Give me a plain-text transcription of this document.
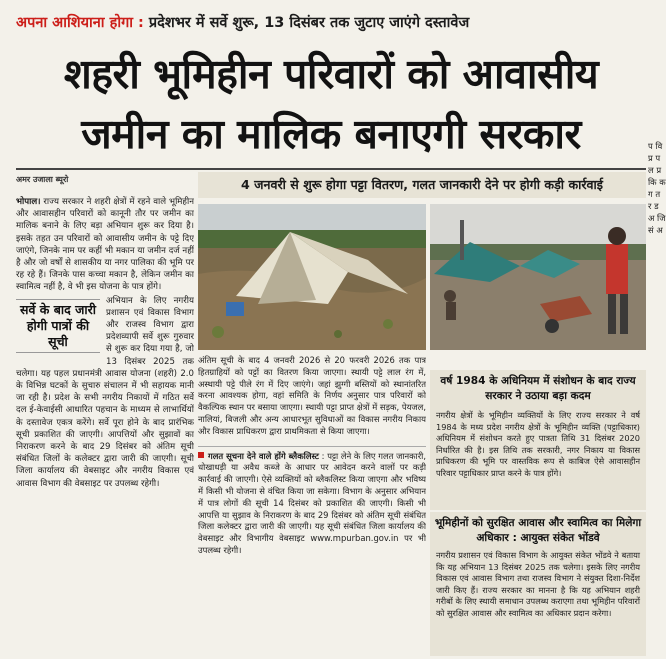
अपना आशियाना होगा : प्रदेशभर में सर्वे शुरू, 13 दिसंबर तक जुटाए जाएंगे दस्तावेज
शहरी भूमिहीन परिवारों को आवासीय
जमीन का मालिक बनाएगी सरकार
अमर उजाला ब्यूरो	4 जनवरी से शुरू होगा पट्टा वितरण, गलत जानकारी देने पर होगी कड़ी कार्रवाई

भोपाल। राज्य सरकार ने शहरी क्षेत्रों में रहने वाले भूमिहीन और आवासहीन परिवारों को कानूनी तौर पर जमीन का मालिक बनाने के लिए बड़ा अभियान शुरू कर दिया है। इसके तहत उन परिवारों को आवासीय जमीन के पट्टे दिए जाएंगे, जिनके नाम पर कहीं भी मकान या जमीन दर्ज नहीं है और जो वर्षों से शासकीय या नगर पालिका की भूमि पर रह रहे हैं। जिनके पास कच्चा मकान है, लेकिन जमीन का स्वामित्व नहीं है, वे भी इस योजना के पात्र होंगे।

सर्वे के बाद जारी होगी पात्रों की सूची

अभियान के लिए नगरीय प्रशासन एवं विकास विभाग और राजस्व विभाग द्वारा प्रदेशव्यापी सर्वे शुरू गुरुवार से शुरू कर दिया गया है, जो 13 दिसंबर 2025 तक चलेगा। यह पहल प्रधानमंत्री आवास योजना (शहरी) 2.0 के विभिन्न घटकों के सुचारु संचालन में भी सहायक मानी जा रही है। प्रदेश के सभी नगरीय निकायों में गठित सर्वे दल ई-केवाईसी आधारित पहचान के माध्यम से लाभार्थियों के दस्तावेज एकत्र करेंगे। सर्वे पूरा होने के बाद प्रारंभिक सूची प्रकाशित की जाएगी। आपत्तियों और सुझावों का निराकरण करने के बाद 29 दिसंबर को अंतिम सूची संबंधित जिलों के कलेक्टर द्वारा जारी की जाएगी। सूची जिला कार्यालय की वेबसाइट और नगरीय विकास एवं आवास विभाग की वेबसाइट पर उपलब्ध रहेगी।

अंतिम सूची के बाद 4 जनवरी 2026 से 20 फरवरी 2026 तक पात्र हितग्राहियों को पट्टों का वितरण किया जाएगा। स्थायी पट्टे लाल रंग में, अस्थायी पट्टे पीले रंग में दिए जाएंगे। जहां झुग्गी बस्तियों को स्थानांतरित करना आवश्यक होगा, वहां समिति के निर्णय अनुसार पात्र परिवारों को वैकल्पिक स्थान पर बसाया जाएगा। स्थायी पट्टा प्राप्त क्षेत्रों में सड़क, पेयजल, नालियां, बिजली और अन्य आधारभूत सुविधाओं का विकास नगरीय निकाय और विकास प्राधिकरण द्वारा प्राथमिकता से किया जाएगा।

गलत सूचना देने वाले होंगे ब्लैकलिस्ट : पट्टा लेने के लिए गलत जानकारी, धोखाधड़ी या अवैध कब्जे के आधार पर आवेदन करने वालों पर कड़ी कार्रवाई की जाएगी। ऐसे व्यक्तियों को ब्लैकलिस्ट किया जाएगा और भविष्य में किसी भी योजना से वंचित किया जा सकेगा। विभाग के अनुसार अभियान में पात्र लोगों की सूची 14 दिसंबर को प्रकाशित की जाएगी। किसी भी आपत्ति या सुझाव के निराकरण के बाद 29 दिसंबर को अंतिम सूची संबंधित जिला कलेक्टर द्वारा जारी की जाएगी। यह सूची संबंधित जिला कार्यालय की वेबसाइट और विभागीय वेबसाइट www.mpurban.gov.in पर भी उपलब्ध रहेगी।

वर्ष 1984 के अधिनियम में संशोधन के बाद राज्य सरकार ने उठाया बड़ा कदम

नगरीय क्षेत्रों के भूमिहीन व्यक्तियों के लिए राज्य सरकार ने वर्ष 1984 के मध्य प्रदेश नगरीय क्षेत्रों के भूमिहीन व्यक्ति (पट्टाधिकार) अधिनियम में संशोधन करते हुए पात्रता तिथि 31 दिसंबर 2020 निर्धारित की है। इस तिथि तक सरकारी, नगर निकाय या विकास प्राधिकरण की भूमि पर वास्तविक रूप से काबिज ऐसे आवासहीन परिवार पट्टाधिकार प्राप्त करने के पात्र होंगे।

भूमिहीनों को सुरक्षित आवास और स्वामित्व का मिलेगा अधिकार : आयुक्त संकेत भोंडवे

नगरीय प्रशासन एवं विकास विभाग के आयुक्त संकेत भोंडवे ने बताया कि यह अभियान 13 दिसंबर 2025 तक चलेगा। इसके लिए नगरीय विकास एवं आवास विभाग तथा राजस्व विभाग ने संयुक्त दिशा-निर्देश जारी किए हैं। राज्य सरकार का मानना है कि यह अभियान शहरी गरीबों के लिए स्थायी समाधान उपलब्ध कराएगा तथा भूमिहीन परिवारों को सुरक्षित आवास और स्वामित्व का अधिकार प्रदान करेगा।

प वि प्र प ल प्र कि क ग त र ड अ जि सं अ
